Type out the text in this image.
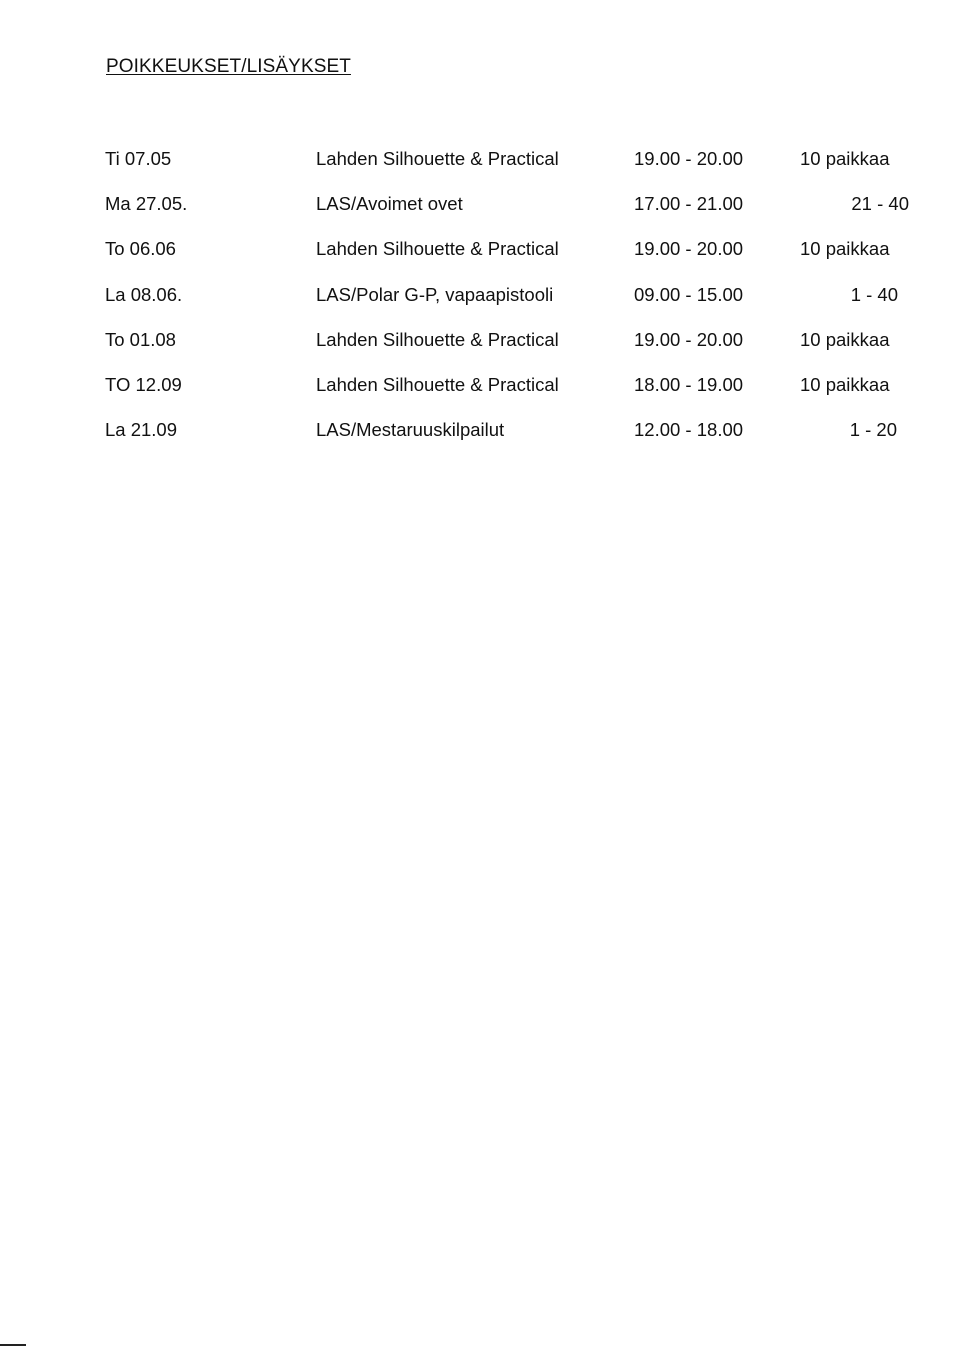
POIKKEUKSET/LISÄYKSET
Ti 07.05	Lahden Silhouette & Practical	19.00 - 20.00	10 paikkaa
Ma 27.05.	LAS/Avoimet ovet	17.00 - 21.00	21 - 40
To 06.06	Lahden Silhouette & Practical	19.00 - 20.00	10 paikkaa
La 08.06.	LAS/Polar G-P, vapaapistooli	09.00 - 15.00	1 - 40
To 01.08	Lahden Silhouette & Practical	19.00 - 20.00	10 paikkaa
TO 12.09	Lahden Silhouette & Practical	18.00 - 19.00	10 paikkaa
La 21.09	LAS/Mestaruuskilpailut	12.00 - 18.00	1 - 20
